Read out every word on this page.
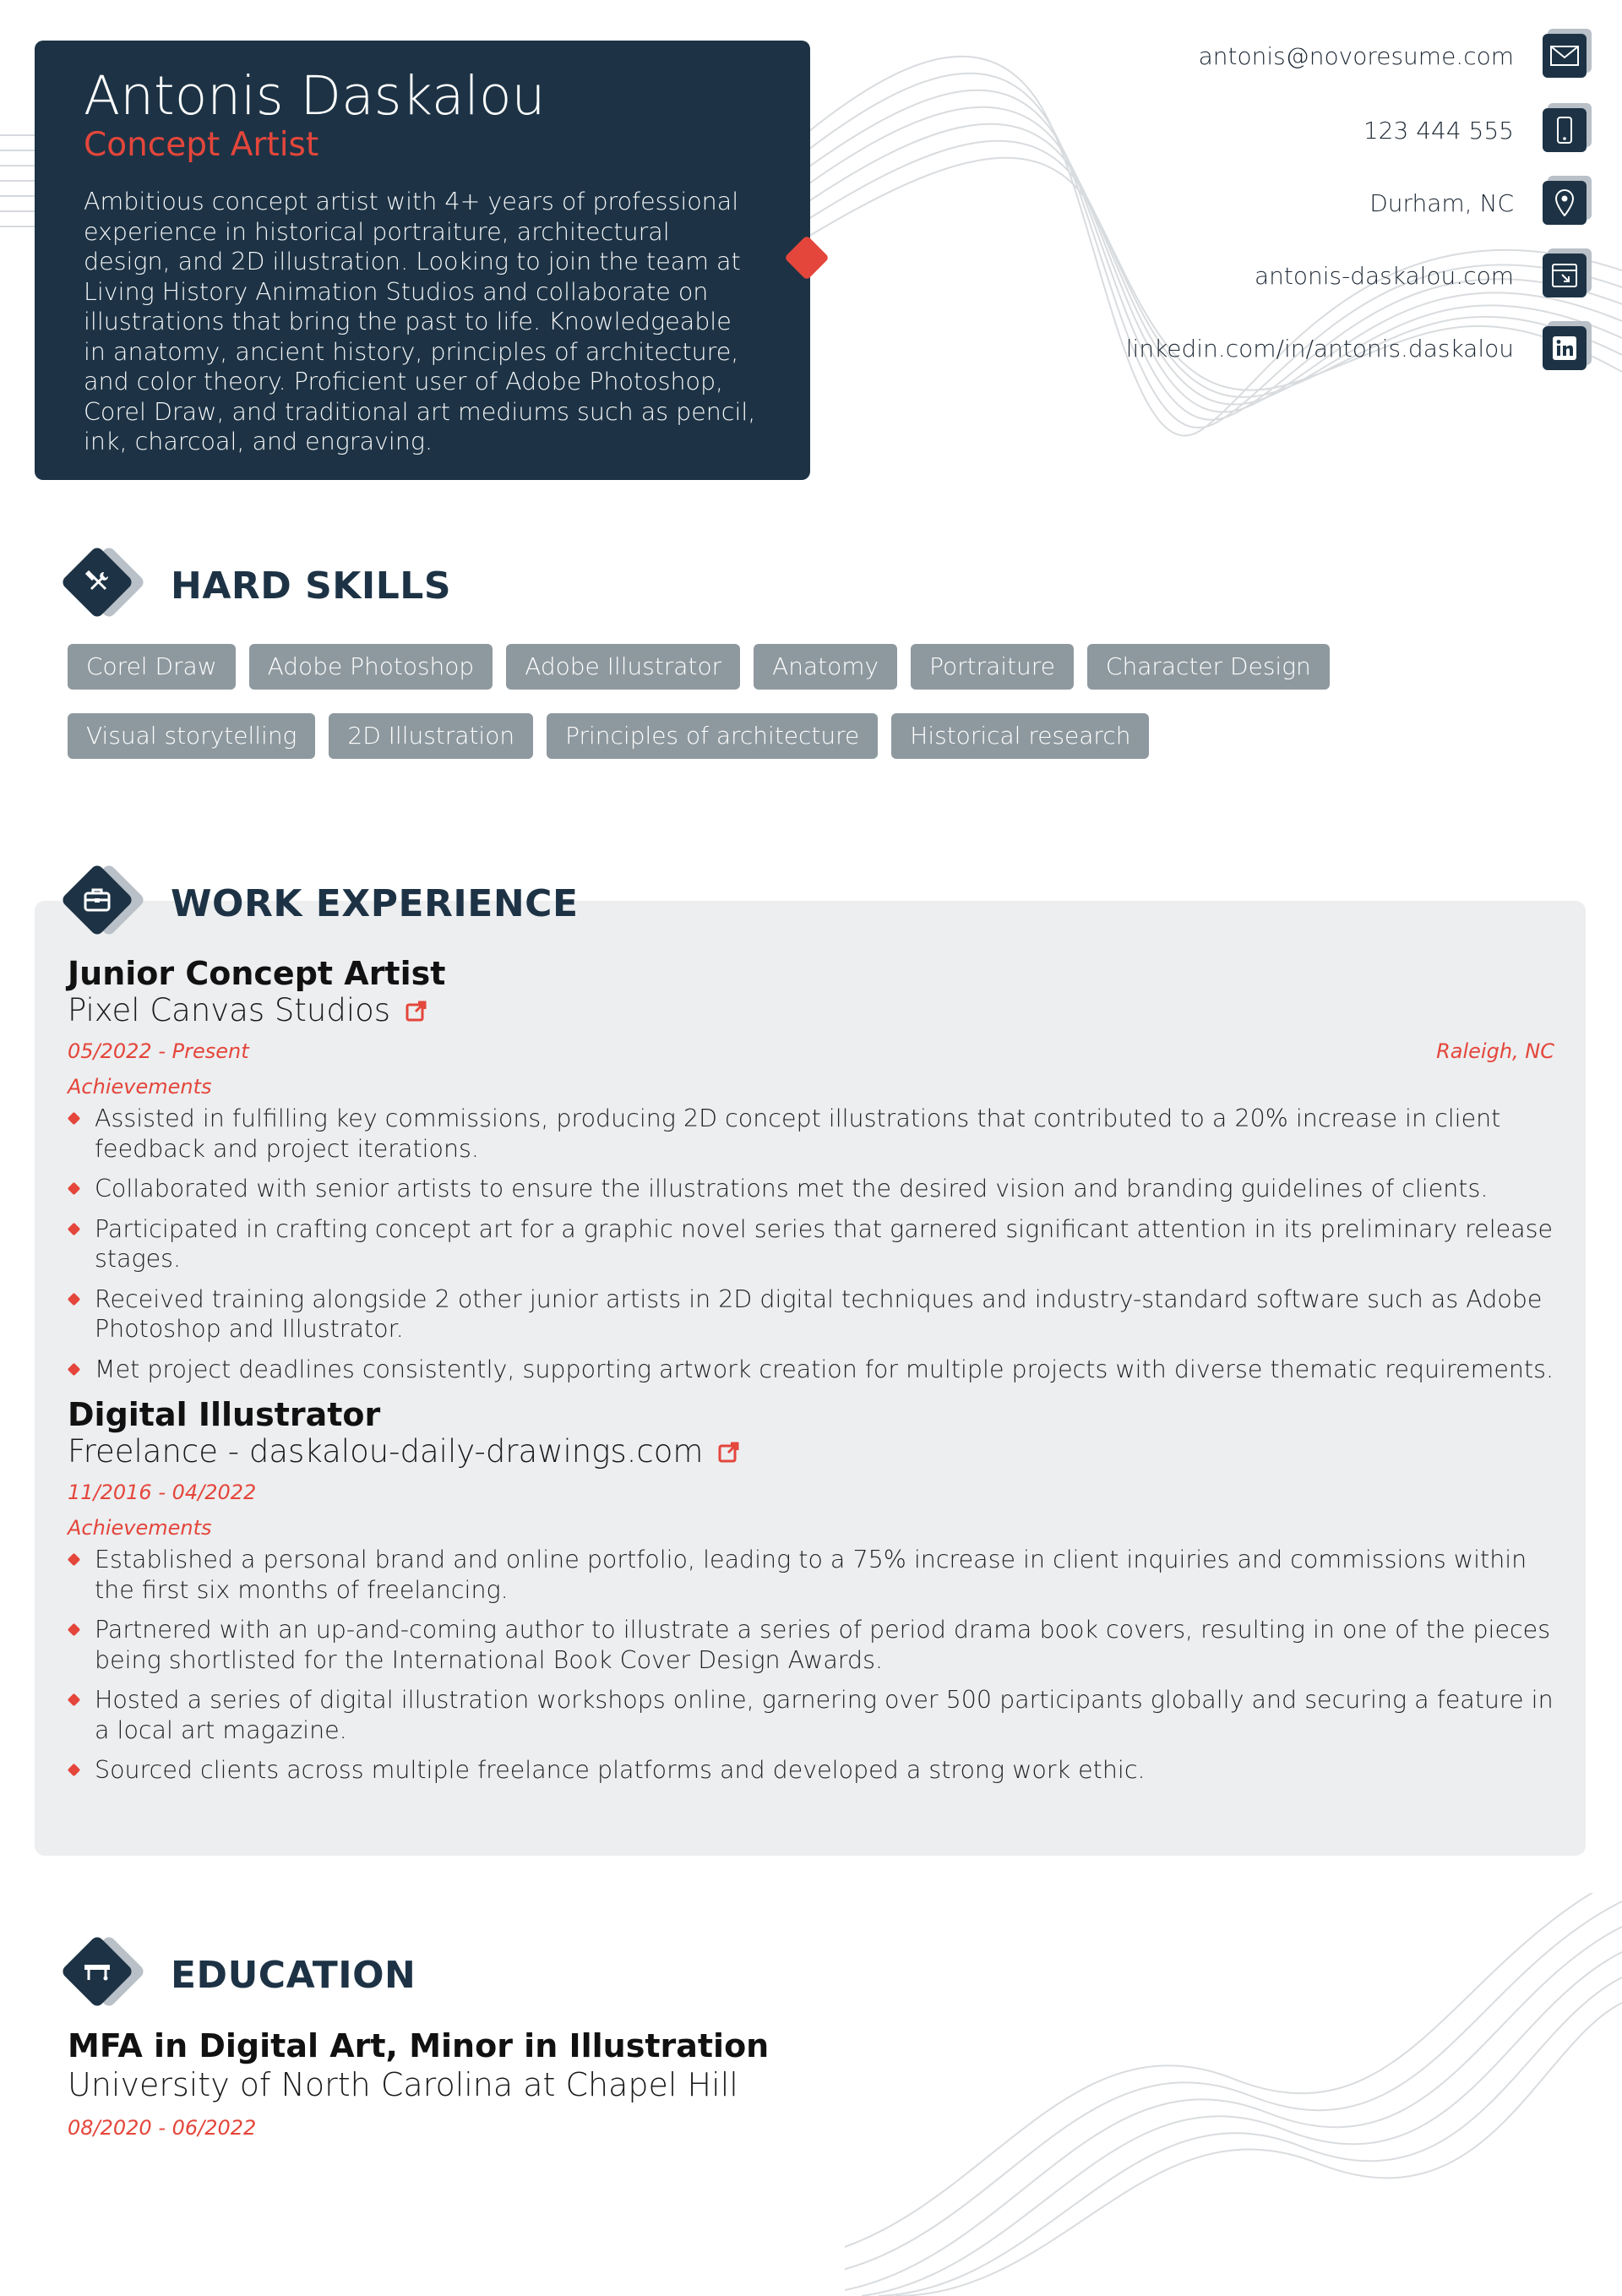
Antonis Daskalou
Concept Artist

Ambitious concept artist with 4+ years of professional experience in historical portraiture, architectural design, and 2D illustration. Looking to join the team at Living History Animation Studios and collaborate on illustrations that bring the past to life. Knowledgeable in anatomy, ancient history, principles of architecture, and color theory. Proficient user of Adobe Photoshop, Corel Draw, and traditional art mediums such as pencil, ink, charcoal, and engraving.

antonis@novoresume.com
123 444 555
Durham, NC
antonis-daskalou.com
linkedin.com/in/antonis.daskalou
HARD SKILLS
Corel Draw	Adobe Photoshop	Adobe Illustrator	Anatomy	Portraiture	Character Design
Visual storytelling	2D Illustration	Principles of architecture	Historical research
WORK EXPERIENCE
Junior Concept Artist
Pixel Canvas Studios
05/2022 - Present	Raleigh, NC
Achievements
Assisted in fulfilling key commissions, producing 2D concept illustrations that contributed to a 20% increase in client feedback and project iterations.
Collaborated with senior artists to ensure the illustrations met the desired vision and branding guidelines of clients.
Participated in crafting concept art for a graphic novel series that garnered significant attention in its preliminary release stages.
Received training alongside 2 other junior artists in 2D digital techniques and industry-standard software such as Adobe Photoshop and Illustrator.
Met project deadlines consistently, supporting artwork creation for multiple projects with diverse thematic requirements.
Digital Illustrator
Freelance - daskalou-daily-drawings.com
11/2016 - 04/2022
Achievements
Established a personal brand and online portfolio, leading to a 75% increase in client inquiries and commissions within the first six months of freelancing.
Partnered with an up-and-coming author to illustrate a series of period drama book covers, resulting in one of the pieces being shortlisted for the International Book Cover Design Awards.
Hosted a series of digital illustration workshops online, garnering over 500 participants globally and securing a feature in a local art magazine.
Sourced clients across multiple freelance platforms and developed a strong work ethic.
EDUCATION
MFA in Digital Art, Minor in Illustration
University of North Carolina at Chapel Hill
08/2020 - 06/2022
